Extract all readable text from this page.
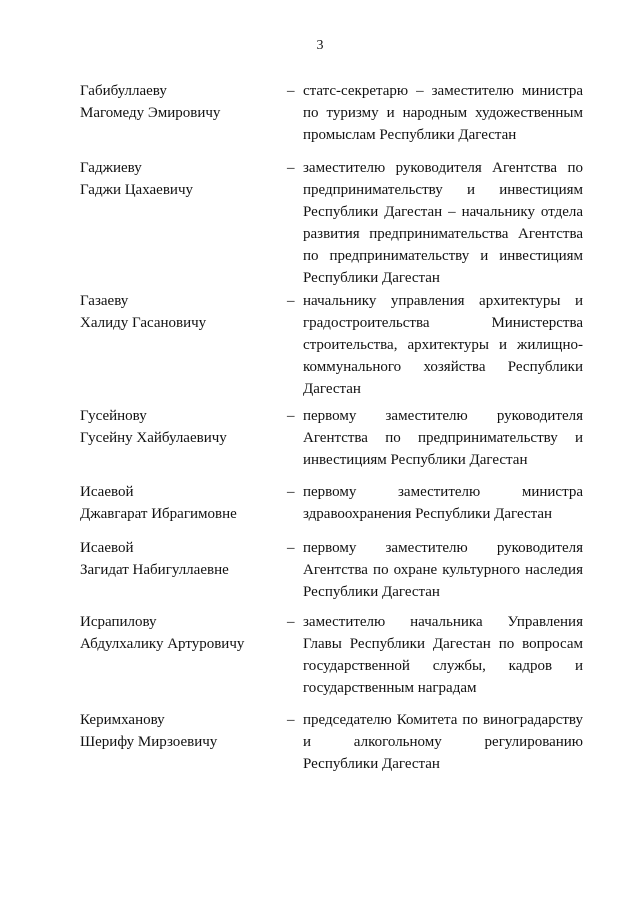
3
Габибуллаеву
Магомеду Эмировичу
– статс-секретарю – заместителю министра по туризму и народным художественным промыслам Республики Дагестан
Гаджиеву
Гаджи Цахаевичу
– заместителю руководителя Агентства по предпринимательству и инвестициям Республики Дагестан – начальнику отдела развития предпринимательства Агентства по предпринимательству и инвестициям Республики Дагестан
Газаеву
Халиду Гасановичу
– начальнику управления архитектуры и градостроительства Министерства строительства, архитектуры и жилищно-коммунального хозяйства Республики Дагестан
Гусейнову
Гусейну Хайбулаевичу
– первому заместителю руководителя Агентства по предпринимательству и инвестициям Республики Дагестан
Исаевой
Джавгарат Ибрагимовне
– первому заместителю министра здравоохранения Республики Дагестан
Исаевой
Загидат Набигуллаевне
– первому заместителю руководителя Агентства по охране культурного наследия Республики Дагестан
Исрапилову
Абдулхалику Артуровичу
– заместителю начальника Управления Главы Республики Дагестан по вопросам государственной службы, кадров и государственным наградам
Керимханову
Шерифу Мирзоевичу
– председателю Комитета по виноградарству и алкогольному регулированию Республики Дагестан
